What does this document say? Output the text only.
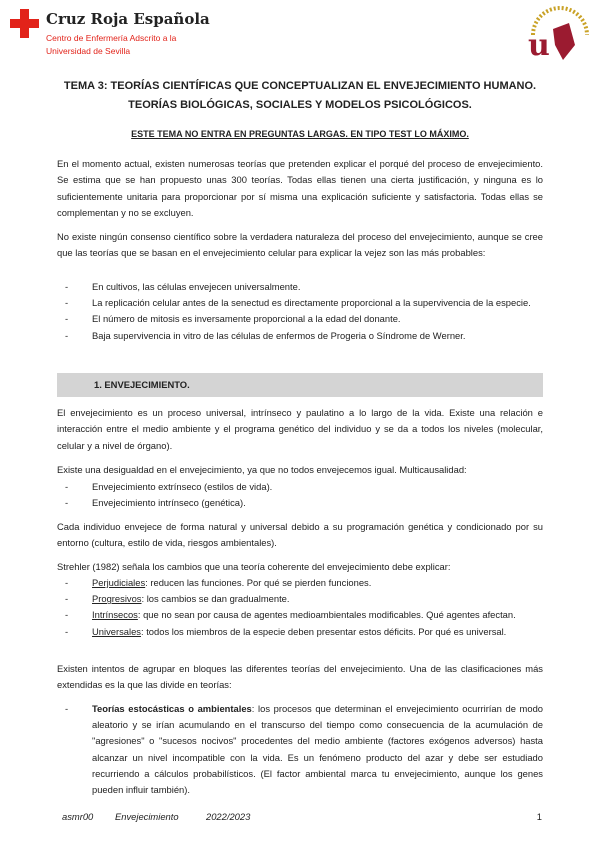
Cruz Roja Española
Centro de Enfermería Adscrito a la
Universidad de Sevilla	u
TEMA 3: TEORÍAS CIENTÍFICAS QUE CONCEPTUALIZAN EL ENVEJECIMIENTO HUMANO.
TEORÍAS BIOLÓGICAS, SOCIALES Y MODELOS PSICOLÓGICOS.
ESTE TEMA NO ENTRA EN PREGUNTAS LARGAS. EN TIPO TEST LO MÁXIMO.

En el momento actual, existen numerosas teorías que pretenden explicar el porqué del proceso de envejecimiento. Se estima que se han propuesto unas 300 teorías. Todas ellas tienen una cierta justificación, y ninguna es lo suficientemente unitaria para proporcionar por sí misma una explicación suficiente y satisfactoria. Todas ellas se complementan y no se excluyen.

No existe ningún consenso científico sobre la verdadera naturaleza del proceso del envejecimiento, aunque se cree que las teorías que se basan en el envejecimiento celular para explicar la vejez son las más probables:

- En cultivos, las células envejecen universalmente.
- La replicación celular antes de la senectud es directamente proporcional a la supervivencia de la especie.
- El número de mitosis es inversamente proporcional a la edad del donante.
- Baja supervivencia in vitro de las células de enfermos de Progeria o Síndrome de Werner.
1. ENVEJECIMIENTO.

El envejecimiento es un proceso universal, intrínseco y paulatino a lo largo de la vida. Existe una relación e interacción entre el medio ambiente y el programa genético del individuo y se da a todos los niveles (molecular, celular y a nivel de órgano).

Existe una desigualdad en el envejecimiento, ya que no todos envejecemos igual. Multicausalidad:

- Envejecimiento extrínseco (estilos de vida).
- Envejecimiento intrínseco (genética).

Cada individuo envejece de forma natural y universal debido a su programación genética y condicionado por su entorno (cultura, estilo de vida, riesgos ambientales).

Strehler (1982) señala los cambios que una teoría coherente del envejecimiento debe explicar:

- Perjudiciales: reducen las funciones. Por qué se pierden funciones.
- Progresivos: los cambios se dan gradualmente.
- Intrínsecos: que no sean por causa de agentes medioambientales modificables. Qué agentes afectan.
- Universales: todos los miembros de la especie deben presentar estos déficits. Por qué es universal.

Existen intentos de agrupar en bloques las diferentes teorías del envejecimiento. Una de las clasificaciones más extendidas es la que las divide en teorías:

- Teorías estocásticas o ambientales: los procesos que determinan el envejecimiento ocurrirían de modo aleatorio y se irían acumulando en el transcurso del tiempo como consecuencia de la acumulación de "agresiones" o "sucesos nocivos" procedentes del medio ambiente (factores exógenos adversos) hasta alcanzar un nivel incompatible con la vida. Es un fenómeno producto del azar y debe ser estudiado recurriendo a cálculos probabilísticos. (El factor ambiental marca tu envejecimiento, aunque los genes pueden influir también).
asmr00 Envejecimiento	2022/2023	1
